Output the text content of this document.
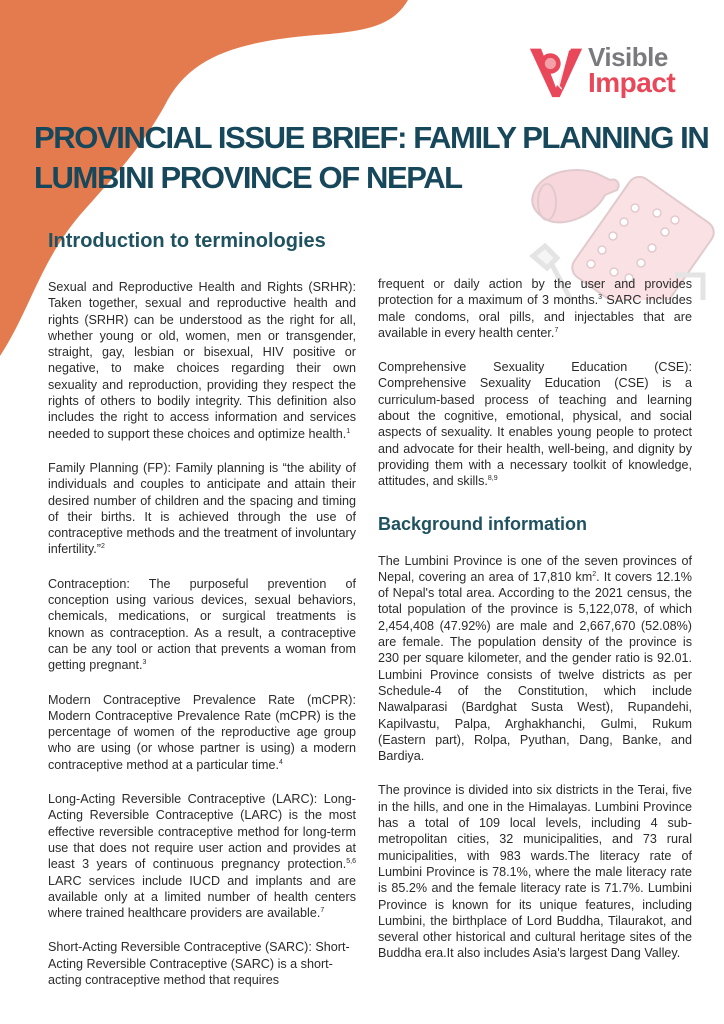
Visible
Impact
PROVINCIAL ISSUE BRIEF: FAMILY PLANNING IN LUMBINI PROVINCE OF NEPAL
Introduction to terminologies

Sexual and Reproductive Health and Rights (SRHR): Taken together, sexual and reproductive health and rights (SRHR) can be understood as the right for all, whether young or old, women, men or transgender, straight, gay, lesbian or bisexual, HIV positive or negative, to make choices regarding their own sexuality and reproduction, providing they respect the rights of others to bodily integrity. This definition also includes the right to access information and services needed to support these choices and optimize health.$^1$

Family Planning (FP): Family planning is “the ability of individuals and couples to anticipate and attain their desired number of children and the spacing and timing of their births. It is achieved through the use of contraceptive methods and the treatment of involuntary infertility.”$^2$

Contraception: The purposeful prevention of conception using various devices, sexual behaviors, chemicals, medications, or surgical treatments is known as contraception. As a result, a contraceptive can be any tool or action that prevents a woman from getting pregnant.$^3$

Modern Contraceptive Prevalence Rate (mCPR): Modern Contraceptive Prevalence Rate (mCPR) is the percentage of women of the reproductive age group who are using (or whose partner is using) a modern contraceptive method at a particular time.$^4$

Long-Acting Reversible Contraceptive (LARC): Long-Acting Reversible Contraceptive (LARC) is the most effective reversible contraceptive method for long-term use that does not require user action and provides at least 3 years of continuous pregnancy protection.$^{5,6}$ LARC services include IUCD and implants and are available only at a limited number of health centers where trained healthcare providers are available.$^7$

Short-Acting Reversible Contraceptive (SARC): Short-Acting Reversible Contraceptive (SARC) is a short-acting contraceptive method that requires

frequent or daily action by the user and provides protection for a maximum of 3 months.$^3$ SARC includes male condoms, oral pills, and injectables that are available in every health center.$^7$

Comprehensive Sexuality Education (CSE): Comprehensive Sexuality Education (CSE) is a curriculum-based process of teaching and learning about the cognitive, emotional, physical, and social aspects of sexuality. It enables young people to protect and advocate for their health, well-being, and dignity by providing them with a necessary toolkit of knowledge, attitudes, and skills.$^{8,9}$

Background information

The Lumbini Province is one of the seven provinces of Nepal, covering an area of 17,810 $km^2$. It covers 12.1% of Nepal's total area. According to the 2021 census, the total population of the province is 5,122,078, of which 2,454,408 (47.92%) are male and 2,667,670 (52.08%) are female. The population density of the province is 230 per square kilometer, and the gender ratio is 92.01. Lumbini Province consists of twelve districts as per Schedule-4 of the Constitution, which include Nawalparasi (Bardghat Susta West), Rupandehi, Kapilvastu, Palpa, Arghakhanchi, Gulmi, Rukum (Eastern part), Rolpa, Pyuthan, Dang, Banke, and Bardiya.

The province is divided into six districts in the Terai, five in the hills, and one in the Himalayas. Lumbini Province has a total of 109 local levels, including 4 sub-metropolitan cities, 32 municipalities, and 73 rural municipalities, with 983 wards.The literacy rate of Lumbini Province is 78.1%, where the male literacy rate is 85.2% and the female literacy rate is 71.7%. Lumbini Province is known for its unique features, including Lumbini, the birthplace of Lord Buddha, Tilaurakot, and several other historical and cultural heritage sites of the Buddha era.It also includes Asia's largest Dang Valley.
